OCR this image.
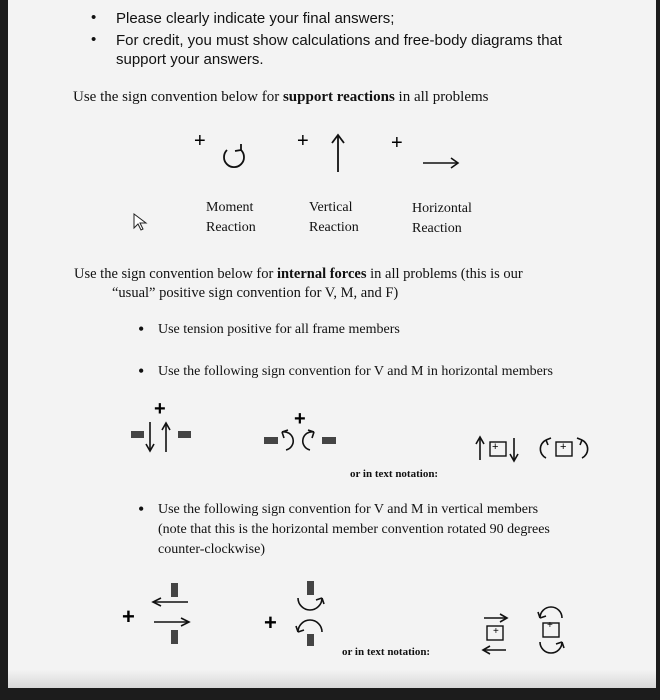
• Please clearly indicate your final answers;
• For credit, you must show calculations and free-body diagrams that
support your answers.
Use the sign convention below for support reactions in all problems
+	+	+
Moment
Reaction
Vertical
Reaction
Horizontal
Reaction
Use the sign convention below for internal forces in all problems (this is our
“usual” positive sign convention for V, M, and F)
• Use tension positive for all frame members
• Use the following sign convention for V and M in horizontal members
+	+
or in text notation:
+	+
• Use the following sign convention for V and M in vertical members
(note that this is the horizontal member convention rotated 90 degrees
counter-clockwise)
+	+
or in text notation:
+
+
